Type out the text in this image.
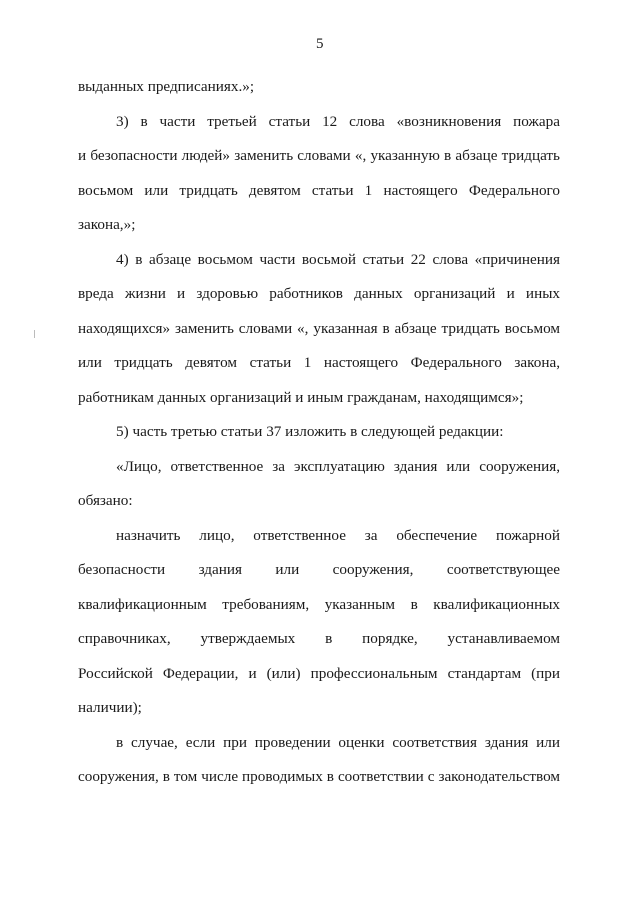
5
выданных предписаниях.»;
3) в части третьей статьи 12 слова «возникновения пожара
и безопасности людей» заменить словами «, указанную в абзаце тридцать
восьмом или тридцать девятом статьи 1 настоящего Федерального
закона,»;
4) в абзаце восьмом части восьмой статьи 22 слова «причинения
вреда жизни и здоровью работников данных организаций и иных
находящихся» заменить словами «, указанная в абзаце тридцать восьмом
или тридцать девятом статьи 1 настоящего Федерального закона,
работникам данных организаций и иным гражданам, находящимся»;
5) часть третью статьи 37 изложить в следующей редакции:
«Лицо, ответственное за эксплуатацию здания или сооружения,
обязано:
назначить лицо, ответственное за обеспечение пожарной
безопасности здания или сооружения, соответствующее
квалификационным требованиям, указанным в квалификационных
справочниках, утверждаемых в порядке, устанавливаемом
Российской Федерации, и (или) профессиональным стандартам (при
наличии);
в случае, если при проведении оценки соответствия здания или
сооружения, в том числе проводимых в соответствии с законодательством
